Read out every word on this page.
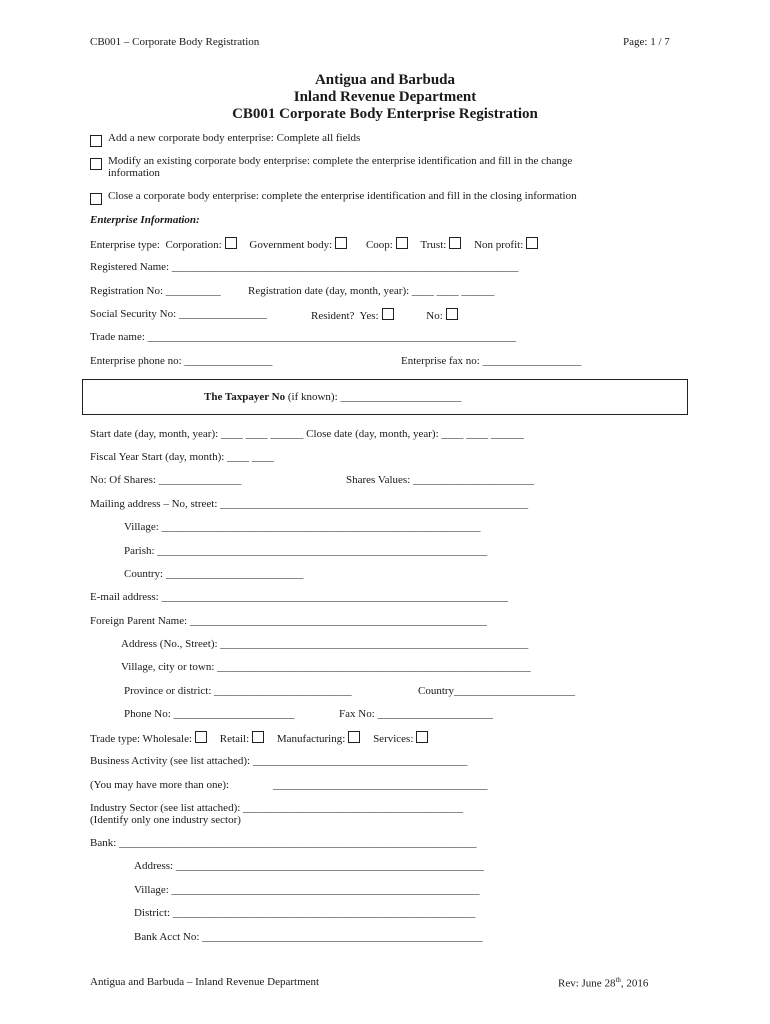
CB001 – Corporate Body Registration	Page: 1 / 7
Antigua and Barbuda
Inland Revenue Department
CB001 Corporate Body Enterprise Registration
Add a new corporate body enterprise: Complete all fields
Modify an existing corporate body enterprise: complete the enterprise identification and fill in the change
information
Close a corporate body enterprise: complete the enterprise identification and fill in the closing information
Enterprise Information:
Enterprise type: Corporation:	Government body:	Coop:	Trust:	Non profit:
Registered Name: _______________________________________________________________
Registration No: __________ Registration date (day, month, year): ____ ____ ______
Social Security No: ________________	Resident? Yes:	No:
Trade name: ___________________________________________________________________
Enterprise phone no: ________________	Enterprise fax no: __________________
The Taxpayer No (if known): ______________________
Start date (day, month, year): ____ ____ ______ Close date (day, month, year): ____ ____ ______
Fiscal Year Start (day, month): ____ ____
No: Of Shares: _______________	Shares Values: ______________________
Mailing address – No, street: ________________________________________________________
Village: __________________________________________________________
Parish: ____________________________________________________________
Country: _________________________
E-mail address: _______________________________________________________________
Foreign Parent Name: ______________________________________________________
Address (No., Street): ________________________________________________________
Village, city or town: _________________________________________________________
Province or district: _________________________	Country______________________
Phone No: ______________________	Fax No: _____________________
Trade type: Wholesale:	Retail:	Manufacturing:	Services:
Business Activity (see list attached): _______________________________________
(You may have more than one):	_______________________________________
Industry Sector (see list attached): ________________________________________
(Identify only one industry sector)
Bank: _________________________________________________________________
Address: ________________________________________________________
Village: ________________________________________________________
District: _______________________________________________________
Bank Acct No: ___________________________________________________
Antigua and Barbuda – Inland Revenue Department	Rev: June 28th, 2016
